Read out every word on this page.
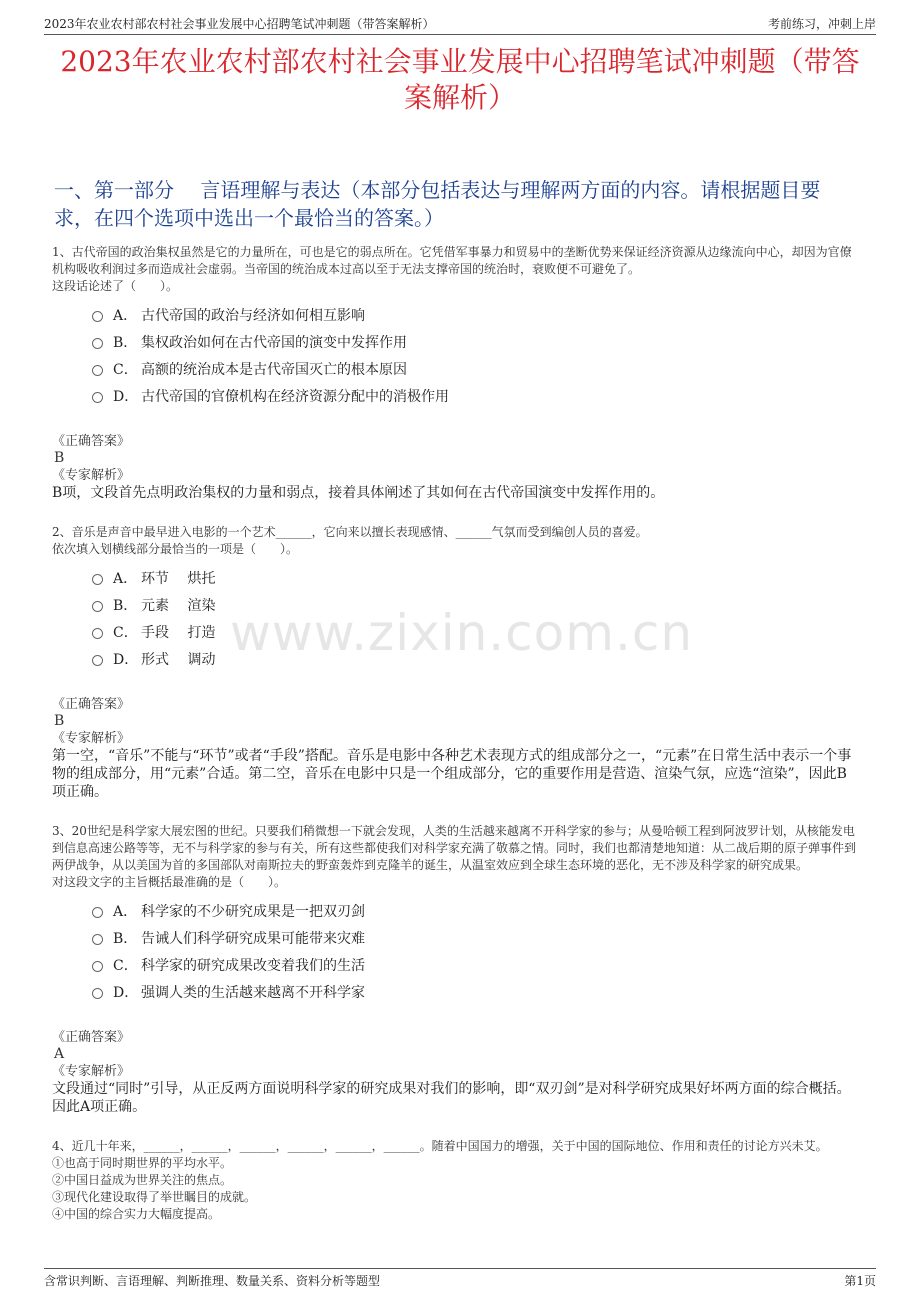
2023年农业农村部农村社会事业发展中心招聘笔试冲刺题（带答案解析）	考前练习，冲刺上岸
2023年农业农村部农村社会事业发展中心招聘笔试冲刺题（带答案解析）
一、第一部分　 言语理解与表达（本部分包括表达与理解两方面的内容。请根据题目要求，在四个选项中选出一个最恰当的答案。）
www.zixin.com.cn
1、古代帝国的政治集权虽然是它的力量所在，可也是它的弱点所在。它凭借军事暴力和贸易中的垄断优势来保证经济资源从边缘流向中心，却因为官僚机构吸收利润过多而造成社会虚弱。当帝国的统治成本过高以至于无法支撑帝国的统治时，衰败便不可避免了。
这段话论述了（　　）。
A． 古代帝国的政治与经济如何相互影响
B． 集权政治如何在古代帝国的演变中发挥作用
C． 高额的统治成本是古代帝国灭亡的根本原因
D． 古代帝国的官僚机构在经济资源分配中的消极作用
《正确答案》
B
《专家解析》
B项，文段首先点明政治集权的力量和弱点，接着具体阐述了其如何在古代帝国演变中发挥作用的。
2、音乐是声音中最早进入电影的一个艺术______，它向来以擅长表现感情、______气氛而受到编创人员的喜爱。
依次填入划横线部分最恰当的一项是（　　）。
A． 环节　 烘托
B． 元素　 渲染
C． 手段　 打造
D． 形式　 调动
《正确答案》
B
《专家解析》
第一空，“音乐”不能与“环节”或者“手段”搭配。音乐是电影中各种艺术表现方式的组成部分之一，“元素”在日常生活中表示一个事物的组成部分，用“元素”合适。第二空，音乐在电影中只是一个组成部分，它的重要作用是营造、渲染气氛，应选“渲染”，因此B项正确。
3、20世纪是科学家大展宏图的世纪。只要我们稍微想一下就会发现，人类的生活越来越离不开科学家的参与；从曼哈顿工程到阿波罗计划，从核能发电到信息高速公路等等，无不与科学家的参与有关，所有这些都使我们对科学家充满了敬慕之情。同时，我们也都清楚地知道：从二战后期的原子弹事件到两伊战争，从以美国为首的多国部队对南斯拉夫的野蛮轰炸到克隆羊的诞生，从温室效应到全球生态环境的恶化，无不涉及科学家的研究成果。
对这段文字的主旨概括最准确的是（　　）。
A． 科学家的不少研究成果是一把双刃剑
B． 告诫人们科学研究成果可能带来灾难
C． 科学家的研究成果改变着我们的生活
D． 强调人类的生活越来越离不开科学家
《正确答案》
A
《专家解析》
文段通过“同时”引导，从正反两方面说明科学家的研究成果对我们的影响，即“双刃剑”是对科学研究成果好坏两方面的综合概括。因此A项正确。
4、近几十年来，______，______，______，______，______，______。随着中国国力的增强，关于中国的国际地位、作用和责任的讨论方兴未艾。
①也高于同时期世界的平均水平。
②中国日益成为世界关注的焦点。
③现代化建设取得了举世瞩目的成就。
④中国的综合实力大幅度提高。
含常识判断、言语理解、判断推理、数量关系、资料分析等题型	第1页
